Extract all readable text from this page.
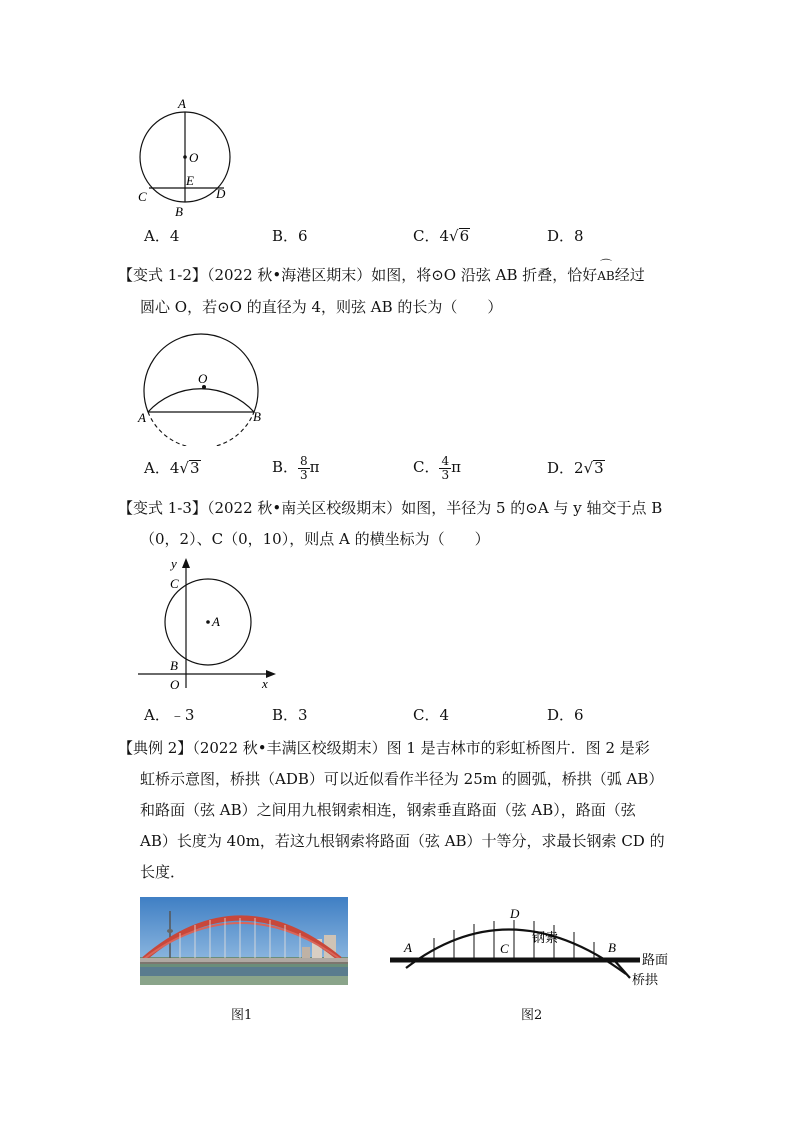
A
O
E
C	D
B
A．4	B．6	C．4√6	D．8
【变式 1-2】（2022 秋•海港区期末）如图，将⊙O 沿弦 AB 折叠，恰好
⌒
AB经过
圆心 O，若⊙O 的直径为 4，则弦 AB 的长为（　　）
O
A	B
A．4√3	B． $\frac{8}{3}$ π	C． $\frac{4}{3}$ π	D．2√3
【变式 1-3】（2022 秋•南关区校级期末）如图，半径为 5 的⊙A 与 y 轴交于点 B
（0，2）、C（0，10），则点 A 的横坐标为（　　）
y
C
A
B
O	x
A．﹣3	B．3	C．4	D．6
【典例 2】（2022 秋•丰满区校级期末）图 1 是吉林市的彩虹桥图片．图 2 是彩
虹桥示意图，桥拱（ADB）可以近似看作半径为 25m 的圆弧，桥拱（弧 AB）
和路面（弦 AB）之间用九根钢索相连，钢索垂直路面（弦 AB），路面（弦
AB）长度为 40m，若这九根钢索将路面（弦 AB）十等分，求最长钢索 CD 的
长度．
图1
D
A	C	B
钢索
路面
桥拱
图2
